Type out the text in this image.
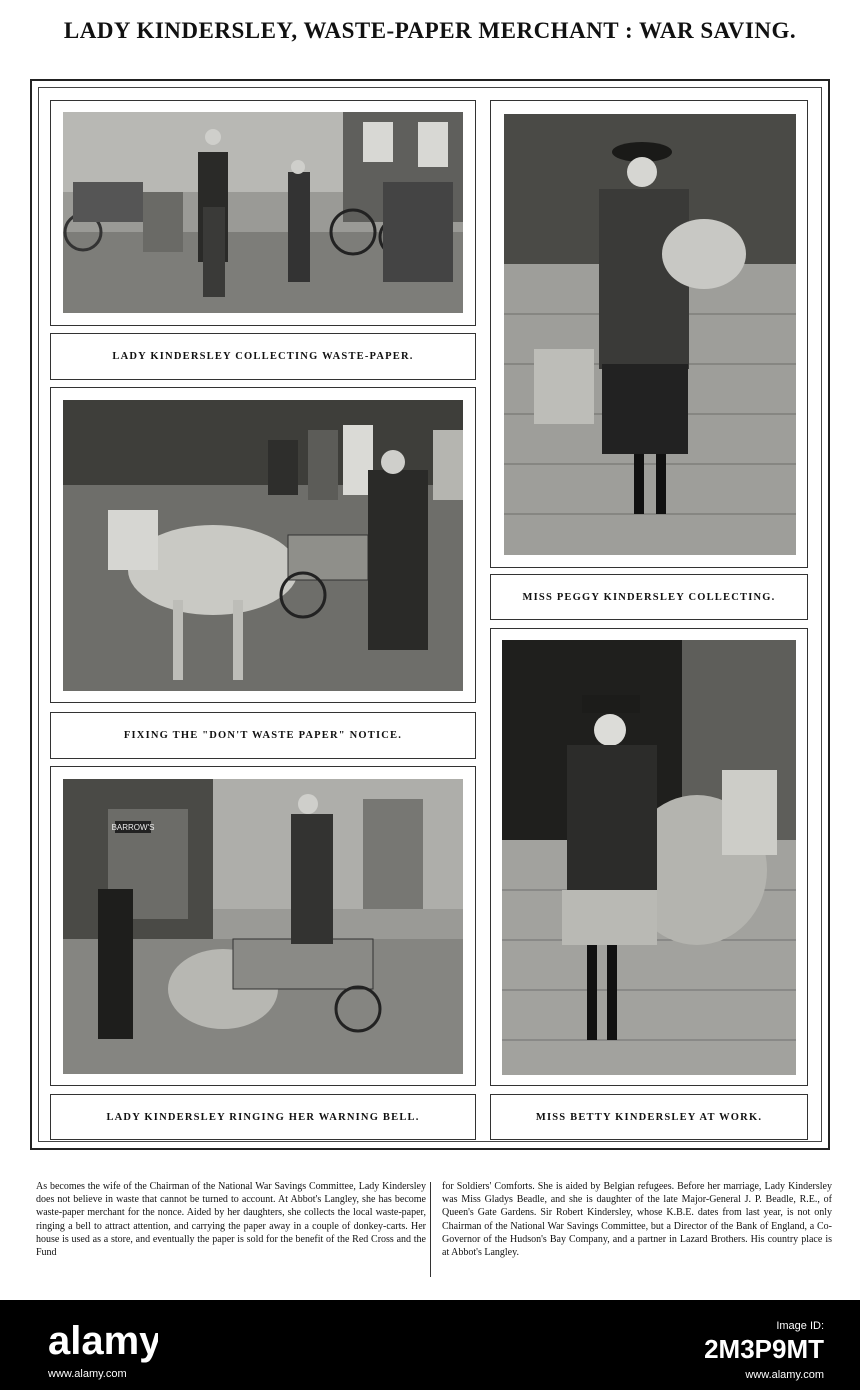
LADY KINDERSLEY, WASTE-PAPER MERCHANT : WAR SAVING.
LADY KINDERSLEY COLLECTING WASTE-PAPER.
MISS PEGGY KINDERSLEY COLLECTING.
FIXING THE "DON'T WASTE PAPER" NOTICE.
BARROW'S
LADY KINDERSLEY RINGING HER WARNING BELL.	MISS BETTY KINDERSLEY AT WORK.
As becomes the wife of the Chairman of the National War Savings Committee, Lady Kindersley does not believe in waste that cannot be turned to account. At Abbot's Langley, she has become waste-paper merchant for the nonce. Aided by her daughters, she collects the local waste-paper, ringing a bell to attract attention, and carrying the paper away in a couple of donkey-carts. Her house is used as a store, and eventually the paper is sold for the benefit of the Red Cross and the Fund
for Soldiers' Comforts. She is aided by Belgian refugees. Before her marriage, Lady Kindersley was Miss Gladys Beadle, and she is daughter of the late Major-General J. P. Beadle, R.E., of Queen's Gate Gardens. Sir Robert Kindersley, whose K.B.E. dates from last year, is not only Chairman of the National War Savings Committee, but a Director of the Bank of England, a Co-Governor of the Hudson's Bay Company, and a partner in Lazard Brothers. His country place is at Abbot's Langley.
alamy
www.alamy.com
Image ID:
2M3P9MT
www.alamy.com
